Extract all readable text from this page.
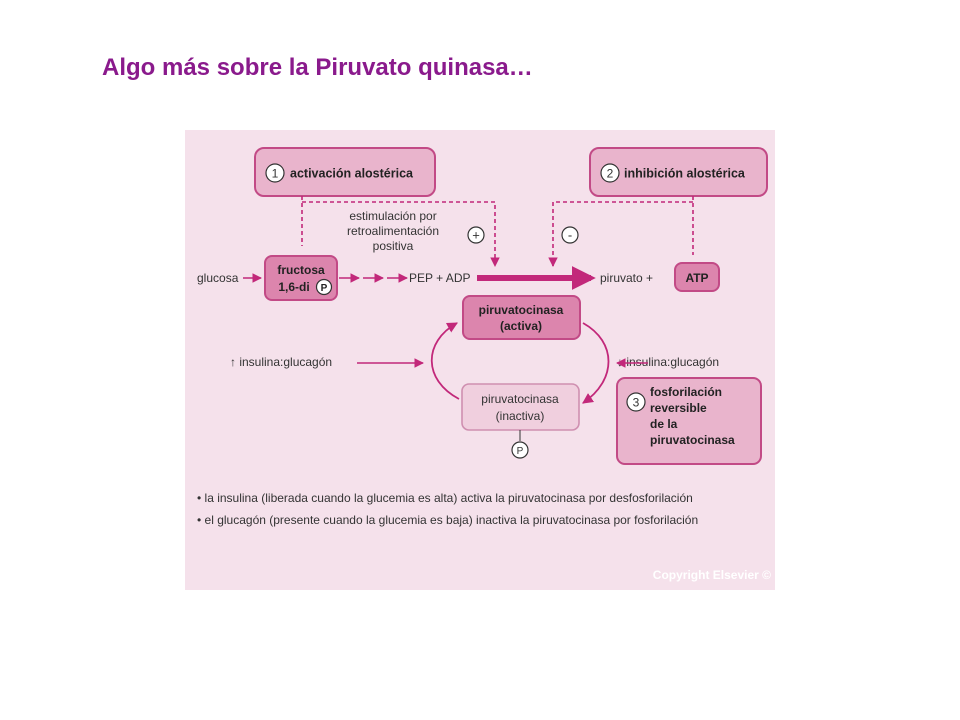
Algo más sobre la Piruvato quinasa…
1 activación alostérica	2 inhibición alostérica
estimulación por
retroalimentación
positiva
+	-
glucosa
fructosa
1,6-di P
PEP + ADP	piruvato +	ATP
piruvatocinasa
(activa)
piruvatocinasa
(inactiva)
P
↑ insulina:glucagón	↓ insulina:glucagón
3
fosforilación
reversible
de la
piruvatocinasa
• la insulina (liberada cuando la glucemia es alta) activa la piruvatocinasa por desfosforilación
• el glucagón (presente cuando la glucemia es baja) inactiva la piruvatocinasa por fosforilación
Copyright Elsevier ©
